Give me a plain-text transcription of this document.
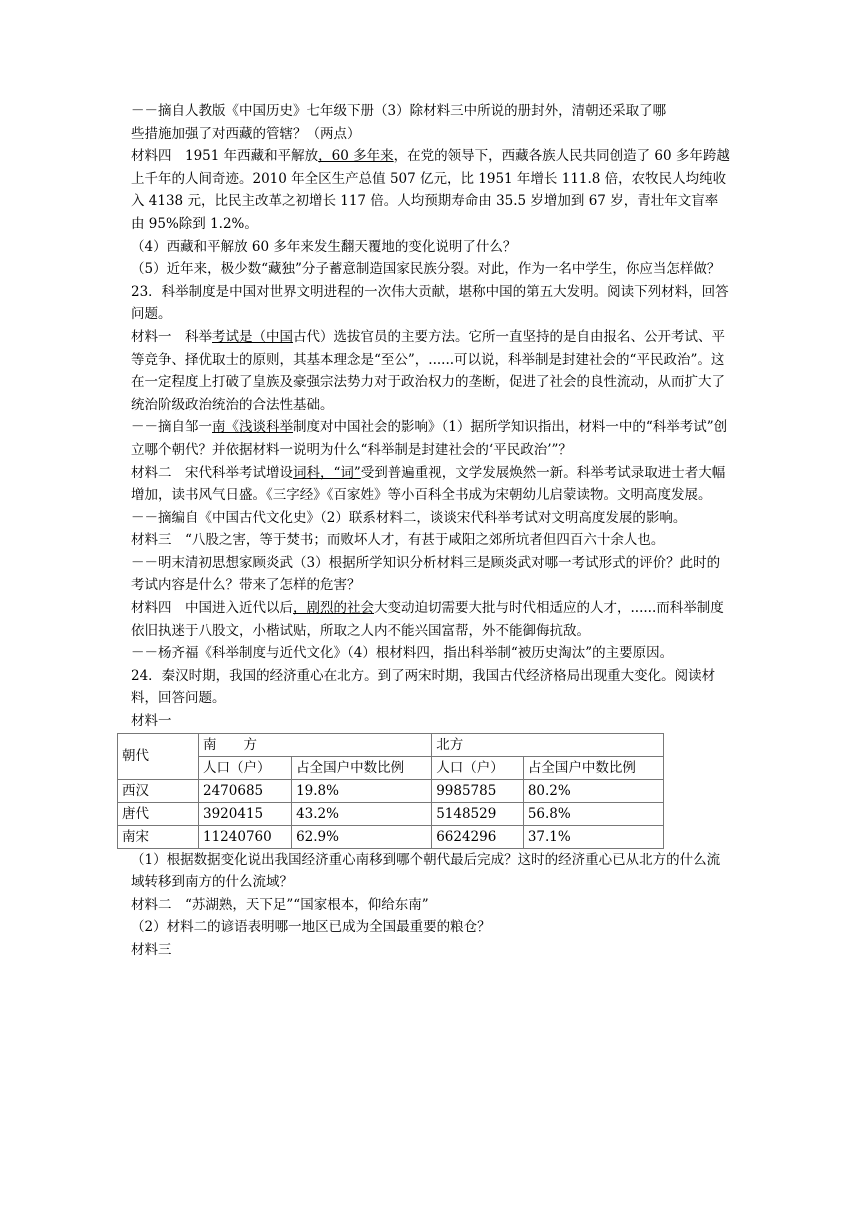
－－摘自人教版《中国历史》七年级下册（3）除材料三中所说的册封外，清朝还采取了哪

些措施加强了对西藏的管辖？（两点）

材料四　1951 年西藏和平解放，60 多年来，在党的领导下，西藏各族人民共同创造了 60 多年跨越上千年的人间奇迹。2010 年全区生产总值 507 亿元，比 1951 年增长 111.8 倍，农牧民人均纯收入 4138 元，比民主改革之初增长 117 倍。人均预期寿命由 35.5 岁增加到 67 岁，青壮年文盲率由 95%除到 1.2%。

（4）西藏和平解放 60 多年来发生翻天覆地的变化说明了什么？

（5）近年来，极少数“藏独”分子蓄意制造国家民族分裂。对此，作为一名中学生，你应当怎样做？

23．科举制度是中国对世界文明进程的一次伟大贡献，堪称中国的第五大发明。阅读下列材料，回答问题。

材料一　科举考试是（中国古代）选拔官员的主要方法。它所一直坚持的是自由报名、公开考试、平等竞争、择优取士的原则，其基本理念是“至公”，......可以说，科举制是封建社会的“平民政治”。这在一定程度上打破了皇族及豪强宗法势力对于政治权力的垄断，促进了社会的良性流动，从而扩大了统治阶级政治统治的合法性基础。

－－摘自邹一南《浅谈科举制度对中国社会的影响》（1）据所学知识指出，材料一中的“科举考试”创立哪个朝代？并依据材料一说明为什么“科举制是封建社会的‘平民政治’”？

材料二　宋代科举考试增设词科，“词”受到普遍重视，文学发展焕然一新。科举考试录取进士者大幅增加，读书风气日盛。《三字经》《百家姓》等小百科全书成为宋朝幼儿启蒙读物。文明高度发展。

－－摘编自《中国古代文化史》（2）联系材料二，谈谈宋代科举考试对文明高度发展的影响。

材料三　“八股之害，等于焚书；而败坏人才，有甚于咸阳之郊所坑者但四百六十余人也。

－－明末清初思想家顾炎武（3）根据所学知识分析材料三是顾炎武对哪一考试形式的评价？此时的考试内容是什么？带来了怎样的危害？

材料四　中国进入近代以后，剧烈的社会大变动迫切需要大批与时代相适应的人才，......而科举制度依旧执迷于八股文，小楷试贴，所取之人内不能兴国富帮，外不能御侮抗敌。

－－杨齐福《科举制度与近代文化》（4）根材料四，指出科举制“被历史淘汰”的主要原因。

24．秦汉时期，我国的经济重心在北方。到了两宋时期，我国古代经济格局出现重大变化。阅读材料，回答问题。

材料一

朝代	南　　方		北方	
	人口（户）	占全国户中数比例	人口（户）	占全国户中数比例
西汉	2470685	19.8%	9985785	80.2%
唐代	3920415	43.2%	5148529	56.8%
南宋	11240760	62.9%	6624296	37.1%

（1）根据数据变化说出我国经济重心南移到哪个朝代最后完成？这时的经济重心已从北方的什么流域转移到南方的什么流域？

材料二　“苏湖熟，天下足”“国家根本，仰给东南”

（2）材料二的谚语表明哪一地区已成为全国最重要的粮仓？

材料三
